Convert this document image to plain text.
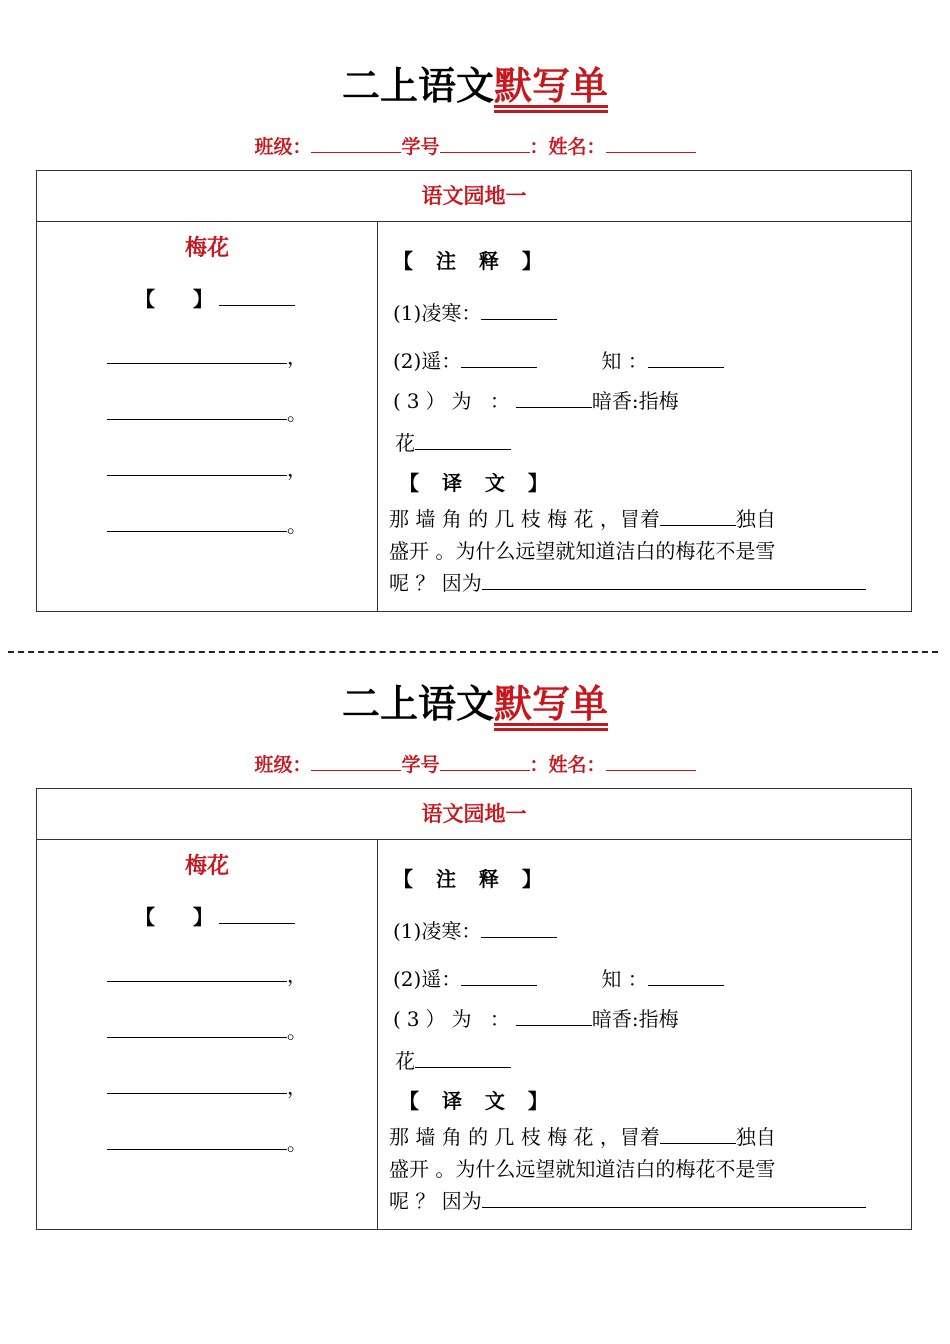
二上语文默写单
班级：	学号	：姓名：
语文园地一
梅花
【 】
，
。
，
。
【 注 释 】
(1)凌寒：
(2)遥：	知 ：
(3）为 ：	暗香:指梅
花
【 译 文 】
那 墙 角 的 几 枝 梅 花 ，冒着	独自
盛开 。为什么远望就知道洁白的梅花不是雪
呢 ？ 因为
二上语文默写单
班级：	学号	：姓名：
语文园地一
梅花
【 】
，
。
，
。
【 注 释 】
(1)凌寒：
(2)遥：	知 ：
(3）为 ：	暗香:指梅
花
【 译 文 】
那 墙 角 的 几 枝 梅 花 ，冒着	独自
盛开 。为什么远望就知道洁白的梅花不是雪
呢 ？ 因为
